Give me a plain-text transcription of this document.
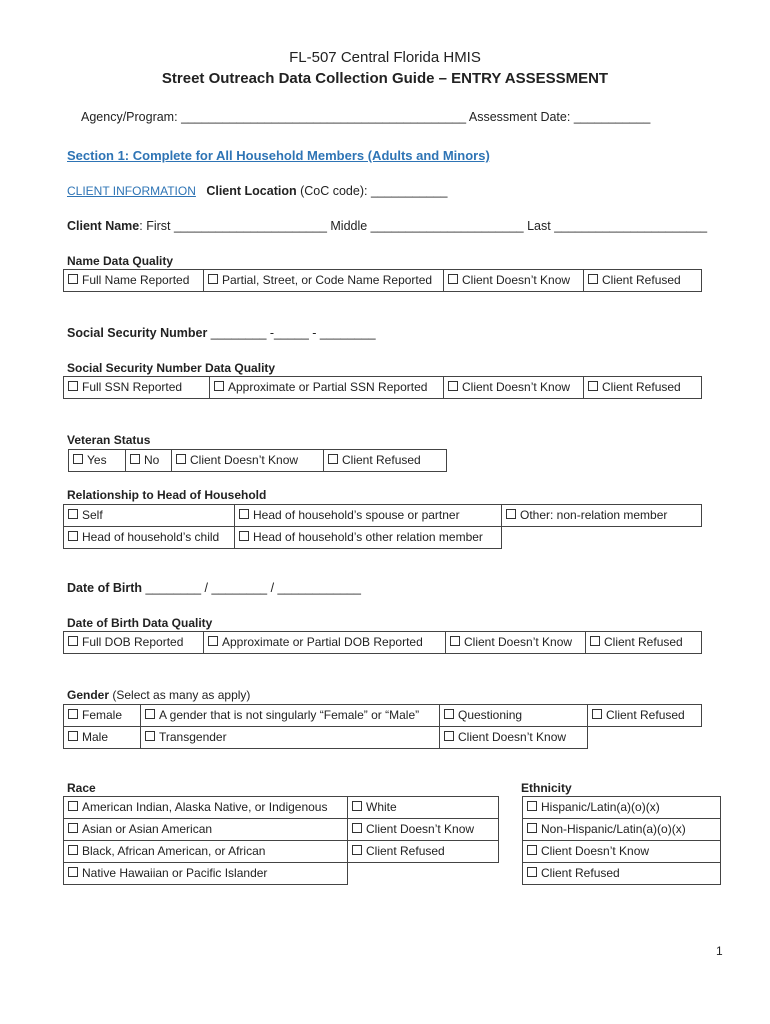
FL-507 Central Florida HMIS
Street Outreach Data Collection Guide – ENTRY ASSESSMENT
Agency/Program: _________________________________________ Assessment Date: ___________
Section 1: Complete for All Household Members (Adults and Minors)
CLIENT INFORMATION Client Location (CoC code): ___________
Client Name: First ______________________ Middle ______________________ Last ______________________
Name Data Quality
Full Name Reported	Partial, Street, or Code Name Reported	Client Doesn’t Know	Client Refused
Social Security Number ________ -_____ - ________
Social Security Number Data Quality
Full SSN Reported	Approximate or Partial SSN Reported	Client Doesn’t Know	Client Refused
Veteran Status
Yes	No	Client Doesn’t Know	Client Refused
Relationship to Head of Household
Self	Head of household’s spouse or partner	Other: non-relation member
Head of household’s child	Head of household’s other relation member	
Date of Birth ________ / ________ / ____________
Date of Birth Data Quality
Full DOB Reported	Approximate or Partial DOB Reported	Client Doesn’t Know	Client Refused
Gender (Select as many as apply)
Female	A gender that is not singularly “Female” or “Male”	Questioning	Client Refused
Male	Transgender	Client Doesn’t Know	
Race
American Indian, Alaska Native, or Indigenous	White
Asian or Asian American	Client Doesn’t Know
Black, African American, or African	Client Refused
Native Hawaiian or Pacific Islander	
Ethnicity
Hispanic/Latin(a)(o)(x)
Non-Hispanic/Latin(a)(o)(x)
Client Doesn’t Know
Client Refused
1
